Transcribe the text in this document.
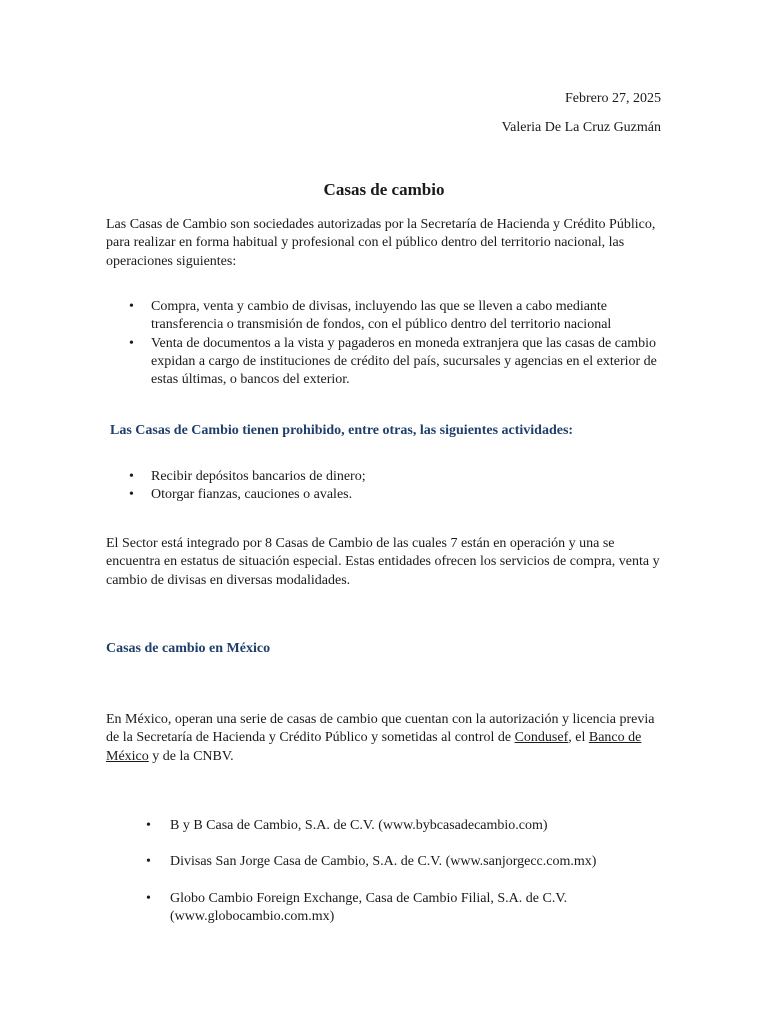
Febrero 27, 2025
Valeria De La Cruz Guzmán
Casas de cambio

Las Casas de Cambio son sociedades autorizadas por la Secretaría de Hacienda y Crédito Público, para realizar en forma habitual y profesional con el público dentro del territorio nacional, las operaciones siguientes:

• Compra, venta y cambio de divisas, incluyendo las que se lleven a cabo mediante transferencia o transmisión de fondos, con el público dentro del territorio nacional
• Venta de documentos a la vista y pagaderos en moneda extranjera que las casas de cambio expidan a cargo de instituciones de crédito del país, sucursales y agencias en el exterior de estas últimas, o bancos del exterior.

Las Casas de Cambio tienen prohibido, entre otras, las siguientes actividades:

• Recibir depósitos bancarios de dinero;
• Otorgar fianzas, cauciones o avales.

El Sector está integrado por 8 Casas de Cambio de las cuales 7 están en operación y una se encuentra en estatus de situación especial. Estas entidades ofrecen los servicios de compra, venta y cambio de divisas en diversas modalidades.

Casas de cambio en México

En México, operan una serie de casas de cambio que cuentan con la autorización y licencia previa de la Secretaría de Hacienda y Crédito Público y sometidas al control de Condusef, el Banco de México y de la CNBV.

• B y B Casa de Cambio, S.A. de C.V. (www.bybcasadecambio.com)
• Divisas San Jorge Casa de Cambio, S.A. de C.V. (www.sanjorgecc.com.mx)
• Globo Cambio Foreign Exchange, Casa de Cambio Filial, S.A. de C.V. (www.globocambio.com.mx)
